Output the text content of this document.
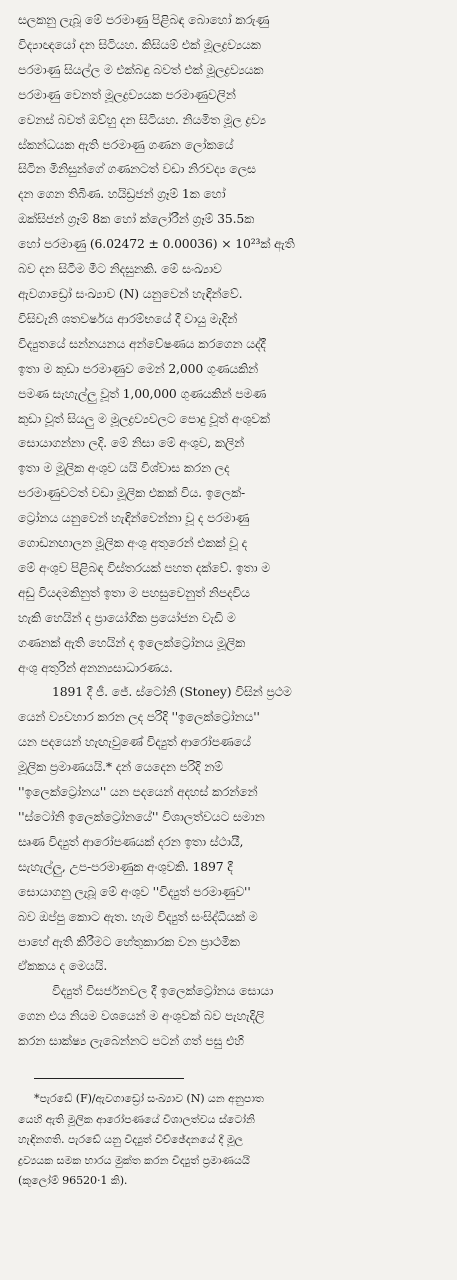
සලකනු ලැබූ මේ පරමාණු පිළිබඳ බොහෝ කරුණු
විද්‍යාඥයෝ දන සිටියහ. කිසියම් එක් මූලද්‍රව්‍යයක
පරමාණු සියල්ල ම එක්බඳු බවත් එක් මූලද්‍රව්‍යයක
පරමාණු වෙනත් මූලද්‍රව්‍යයක පරමාණුවලින්
වෙනස් බවත් ඔව්හු දන සිටියහ. නියමිත මූල ද්‍රව්‍ය
ස්කන්ධයක ඇති පරමාණු ගණන ලෝකයේ
සිටින මිනිසුන්ගේ ගණනටත් වඩා නිරවද්‍ය ලෙස
දන ගෙන තිබිණ. හයිඩ්‍රජන් ග්‍රෑම් 1ක හෝ
ඔක්සිජන් ග්‍රෑම් 8ක හෝ ක්ලෝරීන් ග්‍රෑම් 35.5ක
හෝ පරමාණු (6.02472 ± 0.00036) × 10²³ක් ඇති
බව දන සිටීම මීට නිදසුනකි. මේ සංඛ්‍යාව
ඇවගාඩ්‍රෝ සංඛ්‍යාව (N) යනුවෙන් හැඳින්වේ.
විසිවැනි ශතවර්ෂය ආරම්භයේ දී වායු මැදින්
විද්‍යුතයේ සන්නයනය අන්වේෂණය කරගෙන යද්දී
ඉතා ම කුඩා පරමාණුව මෙන් 2,000 ගුණයකින්
පමණ සැහැල්ලු වූත් 1,00,000 ගුණයකින් පමණ
කුඩා වූත් සියලු ම මූලද්‍රව්‍යවලට පොදු වූත් අංශුවක්
සොයාගන්නා ලදි. මේ නිසා මේ අංශුව, කලින්
ඉතා ම මූලික අංශුව යයි විශ්වාස කරන ලද
පරමාණුවටත් වඩා මූලික එකක් විය. ඉලෙක්-
ට්‍රෝනය යනුවෙන් හැඳින්වෙන්නා වූ ද පරමාණු
ගොඩනඟාලන මූලික අංශු අතුරෙන් එකක් වූ ද
මේ අංශුව පිළිබඳ විස්තරයක් පහත දක්වේ. ඉතා ම
අඩු වියදමකිනුත් ඉතා ම පහසුවෙනුත් නිපදවිය
හැකි හෙයින් ද ප්‍රායෝගික ප්‍රයෝජන වැඩි ම
ගණනක් ඇති හෙයින් ද ඉලෙක්ට්‍රෝනය මූලික
අංශු අතුරින් අනන්‍යසාධාරණය.
1891 දී ජී. ජේ. ස්ටෝනි (Stoney) විසින් ප්‍රථම
යෙන් ව්‍යවහාර කරන ලද පරිදි ''ඉලෙක්ට්‍රෝනය''
යන පදයෙන් හැඟැවුණේ විද්‍යුත් ආරෝපණයේ
මූලික ප්‍රමාණයයි.* දන් යෙදෙන පරිදි නම්
''ඉලෙක්ට්‍රෝනය'' යන පදයෙන් අදහස් කරන්නේ
''ස්ටෝනි ඉලෙක්ට්‍රෝනයේ'' විශාලත්වයට සමාන
සෘණ විද්‍යුත් ආරෝපණයක් දරන ඉතා ස්ථායී,
සැහැල්ලු, උප-පරමාණුක අංශුවකි. 1897 දී
සොයාගනු ලැබූ මේ අංශුව ''විද්‍යුත් පරමාණුව''
බව ඔප්පු කොට ඇත. හැම විද්‍යුත් සංසිද්ධියක් ම
පාහේ ඇති කිරීමට හේතුකාරක වන ප්‍රාථමික
ඒකකය ද මෙයයි.
විද්‍යුත් විසර්ජනවල දී ඉලෙක්ට්‍රෝනය සොයා
ගෙන එය නියම වශයෙන් ම අංශුවක් බව පැහැදිලි
කරන සාක්ෂ්‍ය ලැබෙන්නට පටන් ගත් පසු එහි
*පැරඩේ (F)/ඇවගාඩ්‍රෝ සංඛ්‍යාව (N) යන අනුපාත
යෙහි ඇති මූලික ආරෝපණයේ විශාලත්වය ස්ටෝනි
හැඳිනගති. පැරඩේ යනු විද්‍යුත් විච්ඡේදනයේ දී මූල
ද්‍රව්‍යයක සමක භාරය මුක්ත කරන විද්‍යුත් ප්‍රමාණයයි
(කූලෝම් 96520·1 කි).
